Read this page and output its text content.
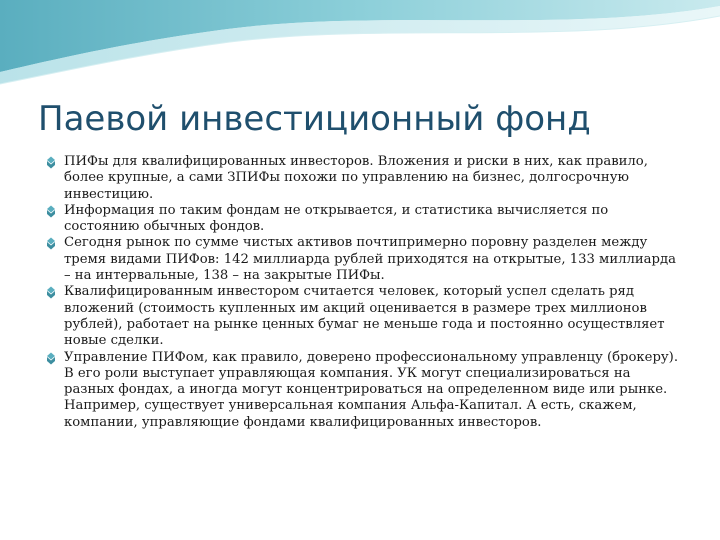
Паевой инвестиционный фонд
ПИФы для квалифицированных инвесторов. Вложения и риски в них, как правило, более крупные, а сами ЗПИФы похожи по управлению на бизнес, долгосрочную инвестицию.
Информация по таким фондам не открывается, и статистика вычисляется по состоянию обычных фондов.
Сегодня рынок по сумме чистых активов почтипримерно поровну разделен между тремя видами ПИФов: 142 миллиарда рублей приходятся на открытые, 133 миллиарда – на интервальные, 138 – на закрытые ПИФы.
Квалифицированным инвестором считается человек, который успел сделать ряд вложений (стоимость купленных им акций оценивается в размере трех миллионов рублей), работает на рынке ценных бумаг не меньше года и постоянно осуществляет новые сделки.
Управление ПИФом, как правило, доверено профессиональному управленцу (брокеру). В его роли выступает управляющая компания. УК могут специализироваться на разных фондах, а иногда могут концентрироваться на определенном виде или рынке. Например, существует универсальная компания Альфа-Капитал. А есть, скажем, компании, управляющие фондами квалифицированных инвесторов.
